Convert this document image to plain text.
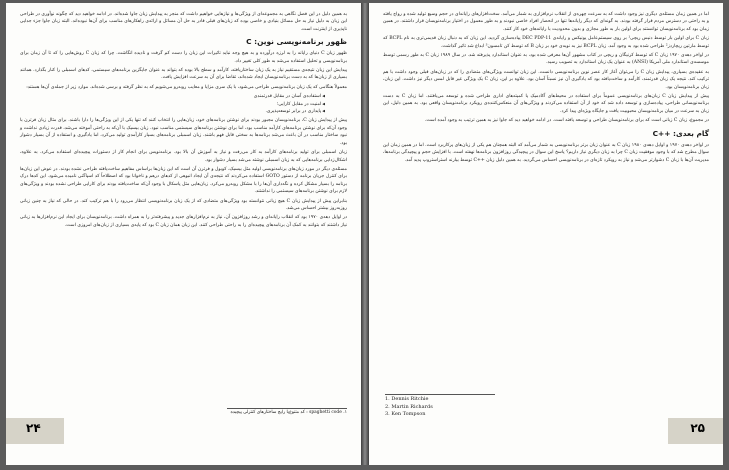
به همین دلیل در این فصل نگاهی به مجموعه‌ای از ویژگی‌ها و نیازهایی خواهیم داشت که منجر به پیدایش زبان جاوا شده‌اند. در ادامه خواهید دید که چگونه نوآوری در طراحی این زبان به دلیل نیاز به حل مسائل بنیادی و خاصی بوده که زبان‌های قبلی قادر به حل آن مسائل و ارائه‌ی راهکارهای مناسب برای آن‌ها نبوده‌اند. البته زبان جاوا جزء جدایی ناپذیری از اینترنت است.

ظهور برنامه‌نویسی نوین: C

ظهور زبان C دنیای رایانه را به لرزه درآورده و به هیچ وجه نباید تاثیرات این زبان را دست کم گرفت و نادیده انگاشت. چرا که زبان C روش‌هایی را که تا آن زمان برای برنامه‌نویسی و تحلیل استفاده می‌شد به طور کلی تغییر داد.

پیدایش این زبان نتیجه‌ی مستقیم نیاز به یک زبان ساختاریافته، کارآمد و سطح بالا بوده که بتواند به عنوان جایگزین برنامه‌های سیستمی، کدهای اسمبلی را کنار بگذارد. همانند بسیاری از زبان‌ها که به دست برنامه‌نویسان ایجاد شده‌اند، تقاضا برای آن به سرعت افزایش یافت.

معمولاً هنگامی که یک زبان برنامه‌نویسی طراحی می‌شود، با یک سری مزایا و معایب روبه‌رو می‌شویم که به نظر گرفته و برسی شده‌اند. موارد زیر از جمله‌ی آن‌ها هستند:

◀ استفاده‌ی آسان در مقابل قدرتمندی
◀ امنیت در مقابل کارایی؛
◀ پایداری در برابر توسعه‌پذیری.

پیش از پیدایش زبان C، برنامه‌نویسان مجبور بودند برای نوشتن برنامه‌های خود، زبان‌هایی را انتخاب کنند که تنها یکی از این ویژگی‌ها را دارا باشند. برای مثال زبان فرترن با وجود آن‌که برای نوشتن برنامه‌های کارآمد مناسب بود، اما برای نوشتن برنامه‌های سیستمی مناسب نبود. زبان بیسیک با آن‌که به راحتی آموخته می‌شد، قدرت زیادی نداشت و نبود ساختار مناسب در آن باعث می‌شد برنامه‌ها به سختی قابل فهم باشند. زبان اسمبلی برنامه‌های بسیار کارآمدی تولید می‌کرد، اما یادگیری و استفاده از آن بسیار دشوار بود.

زبان اسمبلی برای تولید برنامه‌های کارآمد به کار می‌رفت و نیاز به آموزش آن بالا بود. برنامه‌نویس برای انجام کار از دستورات پیچیده‌ای استفاده می‌کرد. به علاوه، اشکال‌زدایی برنامه‌هایی که به زبان اسمبلی نوشته می‌شد بسیار دشوار بود.

مسئله‌ی دیگر در مورد زبان‌های برنامه‌نویسی اولیه مثل بیسیک، کوبول و فرترن آن است که این زبان‌ها براساس مفاهیم ساخت‌یافته طراحی نشده بودند. در عوض این زبان‌ها برای کنترل جریان برنامه از دستور GOTO استفاده می‌کردند که نتیجه‌ی آن ایجاد انبوهی از کدهای درهم و ناخوانا بود که اصطلاحاً کد اسپاگتی نامیده می‌شود. این کدها درک برنامه را بسیار مشکل کرده و نگه‌داری آن‌ها را با مشکل روبه‌رو می‌کرد. زبان‌هایی مثل پاسکال با وجود آن‌که ساخت‌یافته بودند برای کارایی طراحی نشده بودند و ویژگی‌های لازم برای نوشتن برنامه‌های سیستمی را نداشتند.

بنابراین پیش از پیدایش زبان C هیچ زبانی نتوانسته بود ویژگی‌های متضادی که از یک زبان برنامه‌نویسی انتظار می‌رود را با هم ترکیب کند. در حالی که نیاز به چنین زبانی روزبه‌روز بیشتر احساس می‌شد.

در اوایل دهه‌ی ۱۹۷۰ بود که انقلاب رایانه‌ای و رشد روزافزون آن، نیاز به نرم‌افزارهای جدید و پیشرفته‌تر را به همراه داشت. برنامه‌نویسان برای ایجاد این نرم‌افزارها به زبانی نیاز داشتند که بتوانند به کمک آن برنامه‌های پیچیده‌ای را به راحتی طراحی کنند. این زبان همان زبان C بود که پایه‌ی بسیاری از زبان‌های امروزی است.

۱. spaghetti code : کد متنوع‌یا رایج ساختارهای کنترلی پیچیده
۲۴

اما در همین زمان مسئله‌ی دیگری نیز وجود داشت که به سرعت چهره‌ی از انقلاب نرم‌افزاری به شمار می‌آمد. سخت‌افزارهای رایانه‌ای در حجم وسیع تولید شده و رواج یافته و به راحتی در دسترس مردم قرار گرفته بودند. به گونه‌ای که دیگر رایانه‌ها تنها در انحصار افراد خاصی نبودند و به طور معمول در اختیار برنامه‌نویسان قرار داشتند. در همین زمان بود که برنامه‌نویسان توانستند برای اولین بار به طور مجازی و بدون محدودیت با رایانه‌های خود کار کنند.

زبان C برای اولین بار توسط دنیس ریچی¹ بر روی سیستم‌عامل یونیکس و رایانه‌ی DEC PDP-11 پیاده‌سازی گردید. این زبان که به دنبال زبان قدیمی‌تری به نام BCPL که توسط مارتین ریچاردز² طراحی شده بود به وجود آمد. زبان BCPL نیز به نوبه‌ی خود بر زبان B که توسط کن تامسون³ ابداع شد تاثیر گذاشت.

در اواخر دهه‌ی ۱۹۷۰ زبان C که توسط کرنیگان و ریچی در کتاب مشهور آن‌ها معرفی شده بود، به عنوان استاندارد پذیرفته شد. در سال ۱۹۸۹ زبان C به طور رسمی توسط موسسه‌ی استاندارد ملی آمریکا (ANSI) به عنوان یک زبان استاندارد به تصویب رسید.

به عقیده‌ی بسیاری، پیدایش زبان C را می‌توان آغاز کار عصر نوین برنامه‌نویسی دانست. این زبان توانست ویژگی‌های متضادی را که در زبان‌های قبلی وجود داشت با هم ترکیب کند. نتیجه یک زبان قدرتمند، کارآمد و ساخت‌یافته بود که یادگیری آن نیز نسبتاً آسان بود. علاوه بر این، زبان C یک ویژگی غیر قابل لمس دیگر نیز داشت. این زبان، زبان برنامه‌نویسان بود.

پیش از پیدایش زبان C زبان‌های برنامه‌نویسی عموماً برای استفاده در محیط‌های آکادمیک یا کمیته‌های اداری طراحی شده و توسعه می‌یافتند. اما زبان C به دست برنامه‌نویسانی طراحی، پیاده‌سازی و توسعه داده شد که خود از آن استفاده می‌کردند و ویژگی‌های آن منعکس‌کننده‌ی رویکرد برنامه‌نویسان واقعی بود. به همین دلیل، این زبان به سرعت در میان برنامه‌نویسان محبوبیت یافت و جایگاه ویژه‌ای پیدا کرد.

در مجموع، زبان C زبانی است که برای برنامه‌نویسان طراحی و توسعه یافته است. در ادامه خواهید دید که جاوا نیز به همین ترتیب به وجود آمده است.

گام بعدی: ++C

در اواخر دهه‌ی ۱۹۷۰ و اوایل دهه‌ی ۱۹۸۰ زبان C به عنوان زبان برتر برنامه‌نویسی به شمار می‌آمد که البته همچنان هم یکی از زبان‌های پرکاربرد است. اما در همین زمان این سوال مطرح شد که با وجود موفقیت زبان C چرا به زبان دیگری نیاز داریم؟ پاسخ این سوال در پیچیدگی روزافزون برنامه‌ها نهفته است. با افزایش حجم و پیچیدگی برنامه‌ها، مدیریت آن‌ها با زبان C دشوارتر می‌شد و نیاز به رویکرد تازه‌ای در برنامه‌نویسی احساس می‌گردید. به همین دلیل زبان ++C توسط بیارنه استراستروپ پدید آمد.

1. Dennis Ritchie
2. Martin Richards
3. Ken Tompson
۲۵
